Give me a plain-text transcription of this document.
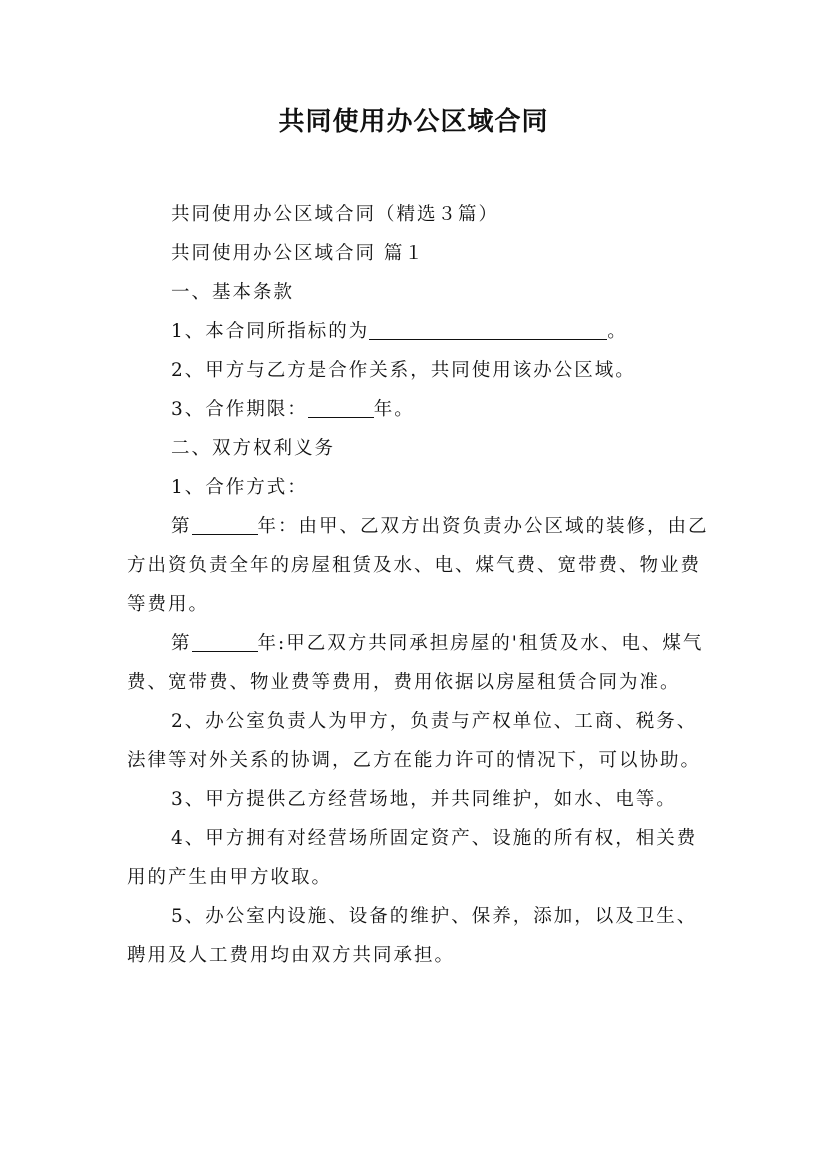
共同使用办公区域合同

共同使用办公区域合同（精选３篇）

共同使用办公区域合同 篇１

一、基本条款

1、本合同所指标的为	。

2、甲方与乙方是合作关系，共同使用该办公区域。

3、合作期限：	年。

二、双方权利义务

1、合作方式：

第	年：由甲、乙双方出资负责办公区域的装修，由乙方出资负责全年的房屋租赁及水、电、煤气费、宽带费、物业费等费用。

第	年:甲乙双方共同承担房屋的'租赁及水、电、煤气费、宽带费、物业费等费用，费用依据以房屋租赁合同为准。

2、办公室负责人为甲方，负责与产权单位、工商、税务、法律等对外关系的协调，乙方在能力许可的情况下，可以协助。

3、甲方提供乙方经营场地，并共同维护，如水、电等。

4、甲方拥有对经营场所固定资产、设施的所有权，相关费用的产生由甲方收取。

5、办公室内设施、设备的维护、保养，添加，以及卫生、聘用及人工费用均由双方共同承担。
